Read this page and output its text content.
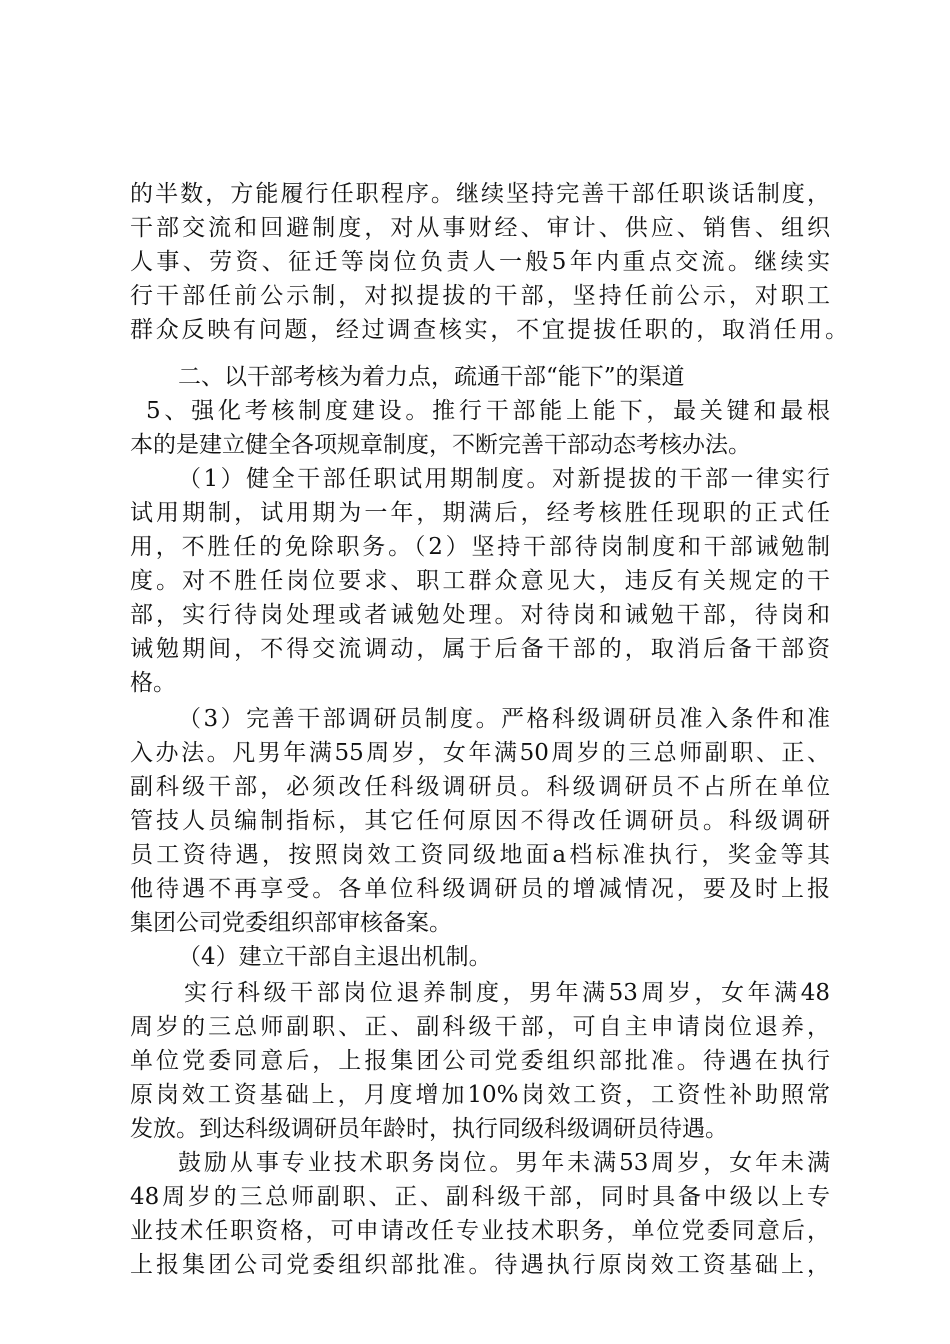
的半数，方能履行任职程序。继续坚持完善干部任职谈话制度，
干部交流和回避制度，对从事财经、审计、供应、销售、组织
人事、劳资、征迁等岗位负责人一般5年内重点交流。继续实
行干部任前公示制，对拟提拔的干部，坚持任前公示，对职工
群众反映有问题，经过调查核实，不宜提拔任职的，取消任用。
二、以干部考核为着力点，疏通干部“能下”的渠道
5、强化考核制度建设。推行干部能上能下，最关键和最根
本的是建立健全各项规章制度，不断完善干部动态考核办法。
（1）健全干部任职试用期制度。对新提拔的干部一律实行
试用期制，试用期为一年，期满后，经考核胜任现职的正式任
用，不胜任的免除职务。（2）坚持干部待岗制度和干部诫勉制
度。对不胜任岗位要求、职工群众意见大，违反有关规定的干
部，实行待岗处理或者诫勉处理。对待岗和诫勉干部，待岗和
诫勉期间，不得交流调动，属于后备干部的，取消后备干部资
格。
（3）完善干部调研员制度。严格科级调研员准入条件和准
入办法。凡男年满55周岁，女年满50周岁的三总师副职、正、
副科级干部，必须改任科级调研员。科级调研员不占所在单位
管技人员编制指标，其它任何原因不得改任调研员。科级调研
员工资待遇，按照岗效工资同级地面a档标准执行，奖金等其
他待遇不再享受。各单位科级调研员的增减情况，要及时上报
集团公司党委组织部审核备案。
（4）建立干部自主退出机制。
实行科级干部岗位退养制度，男年满53周岁，女年满48
周岁的三总师副职、正、副科级干部，可自主申请岗位退养，
单位党委同意后，上报集团公司党委组织部批准。待遇在执行
原岗效工资基础上，月度增加10%岗效工资，工资性补助照常
发放。到达科级调研员年龄时，执行同级科级调研员待遇。
鼓励从事专业技术职务岗位。男年未满53周岁，女年未满
48周岁的三总师副职、正、副科级干部，同时具备中级以上专
业技术任职资格，可申请改任专业技术职务，单位党委同意后，
上报集团公司党委组织部批准。待遇执行原岗效工资基础上，
